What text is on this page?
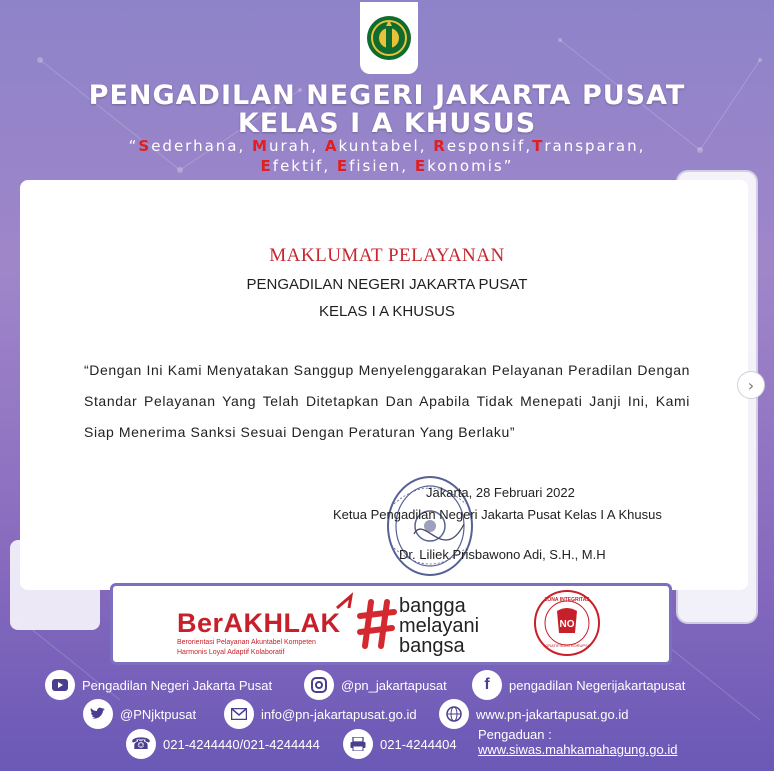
PENGADILAN NEGERI JAKARTA PUSAT
KELAS I A KHUSUS
“Sederhana, Murah, Akuntabel, Responsif,Transparan,
Efektif, Efisien, Ekonomis”
MAKLUMAT PELAYANAN
PENGADILAN NEGERI JAKARTA PUSAT
KELAS I A KHUSUS
“Dengan Ini Kami Menyatakan Sanggup Menyelenggarakan Pelayanan Peradilan Dengan Standar Pelayanan Yang Telah Ditetapkan Dan Apabila Tidak Menepati Janji Ini, Kami Siap Menerima Sanksi Sesuai Dengan Peraturan Yang Berlaku”
Jakarta, 28 Februari 2022
Ketua Pengadilan Negeri Jakarta Pusat Kelas I A Khusus
Dr. Liliek Prisbawono Adi, S.H., M.H
›
BerAKHLAK
Berorientasi Pelayanan Akuntabel Kompeten
Harmonis Loyal Adaptif Kolaboratif
bangga
melayani
bangsa
NO
ZONA INTEGRITAS
GRATIFIKASI KORUPSI
Pengadilan Negeri Jakarta Pusat	@pn_jakartapusat f pengadilan Negerijakartapusat
@PNjktpusat	info@pn-jakartapusat.go.id	www.pn-jakartapusat.go.id
☎ 021-4244440/021-4244444	021-4244404
Pengaduan :
www.siwas.mahkamahagung.go.id
